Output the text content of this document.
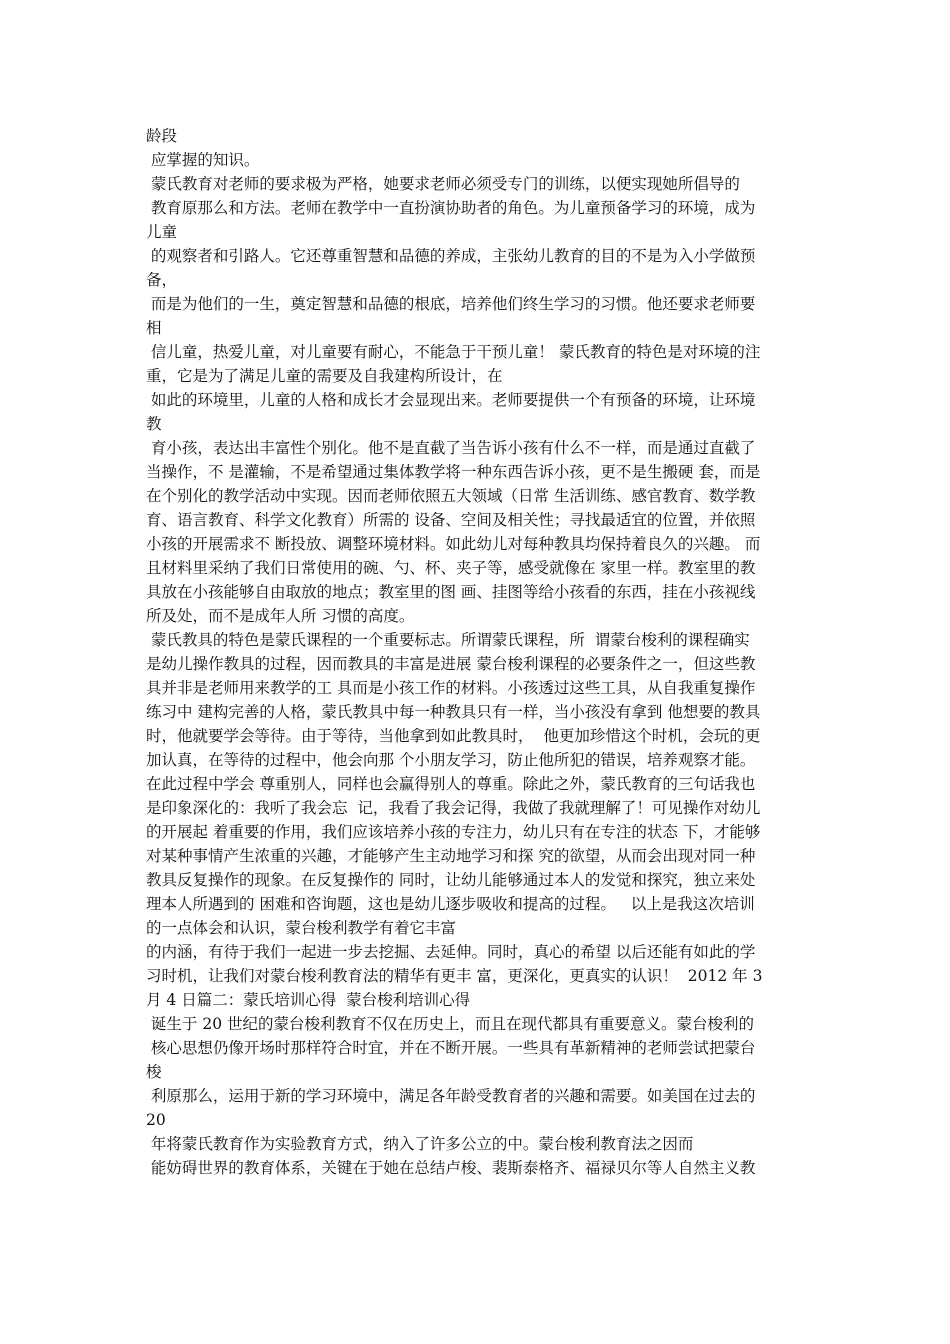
龄段
应掌握的知识。
蒙氏教育对老师的要求极为严格，她要求老师必须受专门的训练，以便实现她所倡导的
教育原那么和方法。老师在教学中一直扮演协助者的角色。为儿童预备学习的环境，成为
儿童
的观察者和引路人。它还尊重智慧和品德的养成，主张幼儿教育的目的不是为入小学做预
备，
而是为他们的一生，奠定智慧和品德的根底，培养他们终生学习的习惯。他还要求老师要
相
信儿童，热爱儿童，对儿童要有耐心，不能急于干预儿童！ 蒙氏教育的特色是对环境的注
重，它是为了满足儿童的需要及自我建构所设计，在
如此的环境里，儿童的人格和成长才会显现出来。老师要提供一个有预备的环境，让环境
教
育小孩，表达出丰富性个别化。他不是直截了当告诉小孩有什么不一样，而是通过直截了
当操作，不 是灌输，不是希望通过集体教学将一种东西告诉小孩，更不是生搬硬 套，而是
在个别化的教学活动中实现。因而老师依照五大领域（日常 生活训练、感官教育、数学教
育、语言教育、科学文化教育）所需的 设备、空间及相关性；寻找最适宜的位置，并依照
小孩的开展需求不 断投放、调整环境材料。如此幼儿对每种教具均保持着良久的兴趣。 而
且材料里采纳了我们日常使用的碗、勺、杯、夹子等，感受就像在 家里一样。教室里的教
具放在小孩能够自由取放的地点；教室里的图 画、挂图等给小孩看的东西，挂在小孩视线
所及处，而不是成年人所 习惯的高度。
蒙氏教具的特色是蒙氏课程的一个重要标志。所谓蒙氏课程，所  谓蒙台梭利的课程确实
是幼儿操作教具的过程，因而教具的丰富是进展 蒙台梭利课程的必要条件之一，但这些教
具并非是老师用来教学的工 具而是小孩工作的材料。小孩透过这些工具，从自我重复操作
练习中 建构完善的人格，蒙氏教具中每一种教具只有一样，当小孩没有拿到 他想要的教具
时，他就要学会等待。由于等待，当他拿到如此教具时，  他更加珍惜这个时机，会玩的更
加认真，在等待的过程中，他会向那 个小朋友学习，防止他所犯的错误，培养观察才能。
在此过程中学会 尊重别人，同样也会赢得别人的尊重。除此之外，蒙氏教育的三句话我也
是印象深化的：我听了我会忘  记，我看了我会记得，我做了我就理解了！可见操作对幼儿
的开展起 着重要的作用，我们应该培养小孩的专注力，幼儿只有在专注的状态 下，才能够
对某种事情产生浓重的兴趣，才能够产生主动地学习和探 究的欲望，从而会出现对同一种
教具反复操作的现象。在反复操作的 同时，让幼儿能够通过本人的发觉和探究，独立来处
理本人所遇到的 困难和咨询题，这也是幼儿逐步吸收和提高的过程。   以上是我这次培训
的一点体会和认识，蒙台梭利教学有着它丰富
的内涵，有待于我们一起进一步去挖掘、去延伸。同时，真心的希望 以后还能有如此的学
习时机，让我们对蒙台梭利教育法的精华有更丰 富，更深化，更真实的认识！  2012 年 3
月 4 日篇二：蒙氏培训心得  蒙台梭利培训心得
诞生于 20 世纪的蒙台梭利教育不仅在历史上，而且在现代都具有重要意义。蒙台梭利的
核心思想仍像开场时那样符合时宜，并在不断开展。一些具有革新精神的老师尝试把蒙台
梭
利原那么，运用于新的学习环境中，满足各年龄受教育者的兴趣和需要。如美国在过去的
20
年将蒙氏教育作为实验教育方式，纳入了许多公立的中。蒙台梭利教育法之因而
能妨碍世界的教育体系，关键在于她在总结卢梭、裴斯泰格齐、福禄贝尔等人自然主义教
